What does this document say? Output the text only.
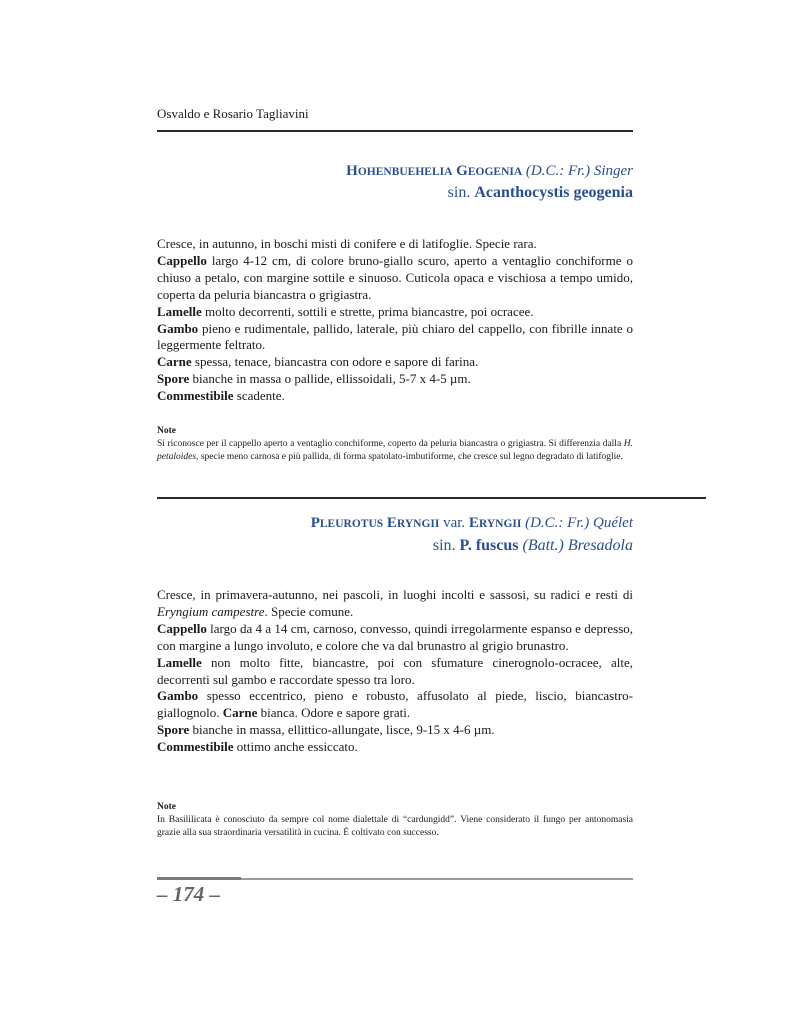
Osvaldo e Rosario Tagliavini
HOHENBUEHELIA GEOGENIA (D.C.: Fr.) Singer
sin. Acanthocystis geogenia

Cresce, in autunno, in boschi misti di conifere e di latifoglie. Specie rara.

Cappello largo 4-12 cm, di colore bruno-giallo scuro, aperto a ventaglio conchiforme o chiuso a petalo, con margine sottile e sinuoso. Cuticola opaca e vischiosa a tempo umido, coperta da peluria biancastra o grigiastra.

Lamelle molto decorrenti, sottili e strette, prima biancastre, poi ocracee.

Gambo pieno e rudimentale, pallido, laterale, più chiaro del cappello, con fibrille innate o leggermente feltrato.

Carne spessa, tenace, biancastra con odore e sapore di farina.

Spore bianche in massa o pallide, ellissoidali, 5-7 x 4-5 µm.

Commestibile scadente.

Note

Si riconosce per il cappello aperto a ventaglio conchiforme, coperto da peluria biancastra o grigiastra. Si differenzia dalla H. petaloides, specie meno carnosa e più pallida, di forma spatolato-imbutiforme, che cresce sul legno degradato di latifoglie.

PLEUROTUS ERYNGII var. ERYNGII (D.C.: Fr.) Quélet
sin. P. fuscus (Batt.) Bresadola

Cresce, in primavera-autunno, nei pascoli, in luoghi incolti e sassosi, su radici e resti di Eryngium campestre. Specie comune.

Cappello largo da 4 a 14 cm, carnoso, convesso, quindi irregolarmente espanso e depresso, con margine a lungo involuto, e colore che va dal brunastro al grigio brunastro.

Lamelle non molto fitte, biancastre, poi con sfumature cinerognolo-ocracee, alte, decorrenti sul gambo e raccordate spesso tra loro.

Gambo spesso eccentrico, pieno e robusto, affusolato al piede, liscio, biancastro-giallognolo. Carne bianca. Odore e sapore grati.

Spore bianche in massa, ellittico-allungate, lisce, 9-15 x 4-6 µm.

Commestibile ottimo anche essiccato.

Note

In Basililicata è conosciuto da sempre col nome dialettale di “cardungidd”. Viene considerato il fungo per antonomasia grazie alla sua straordinaria versatilità in cucina. È coltivato con successo.

– 174 –
